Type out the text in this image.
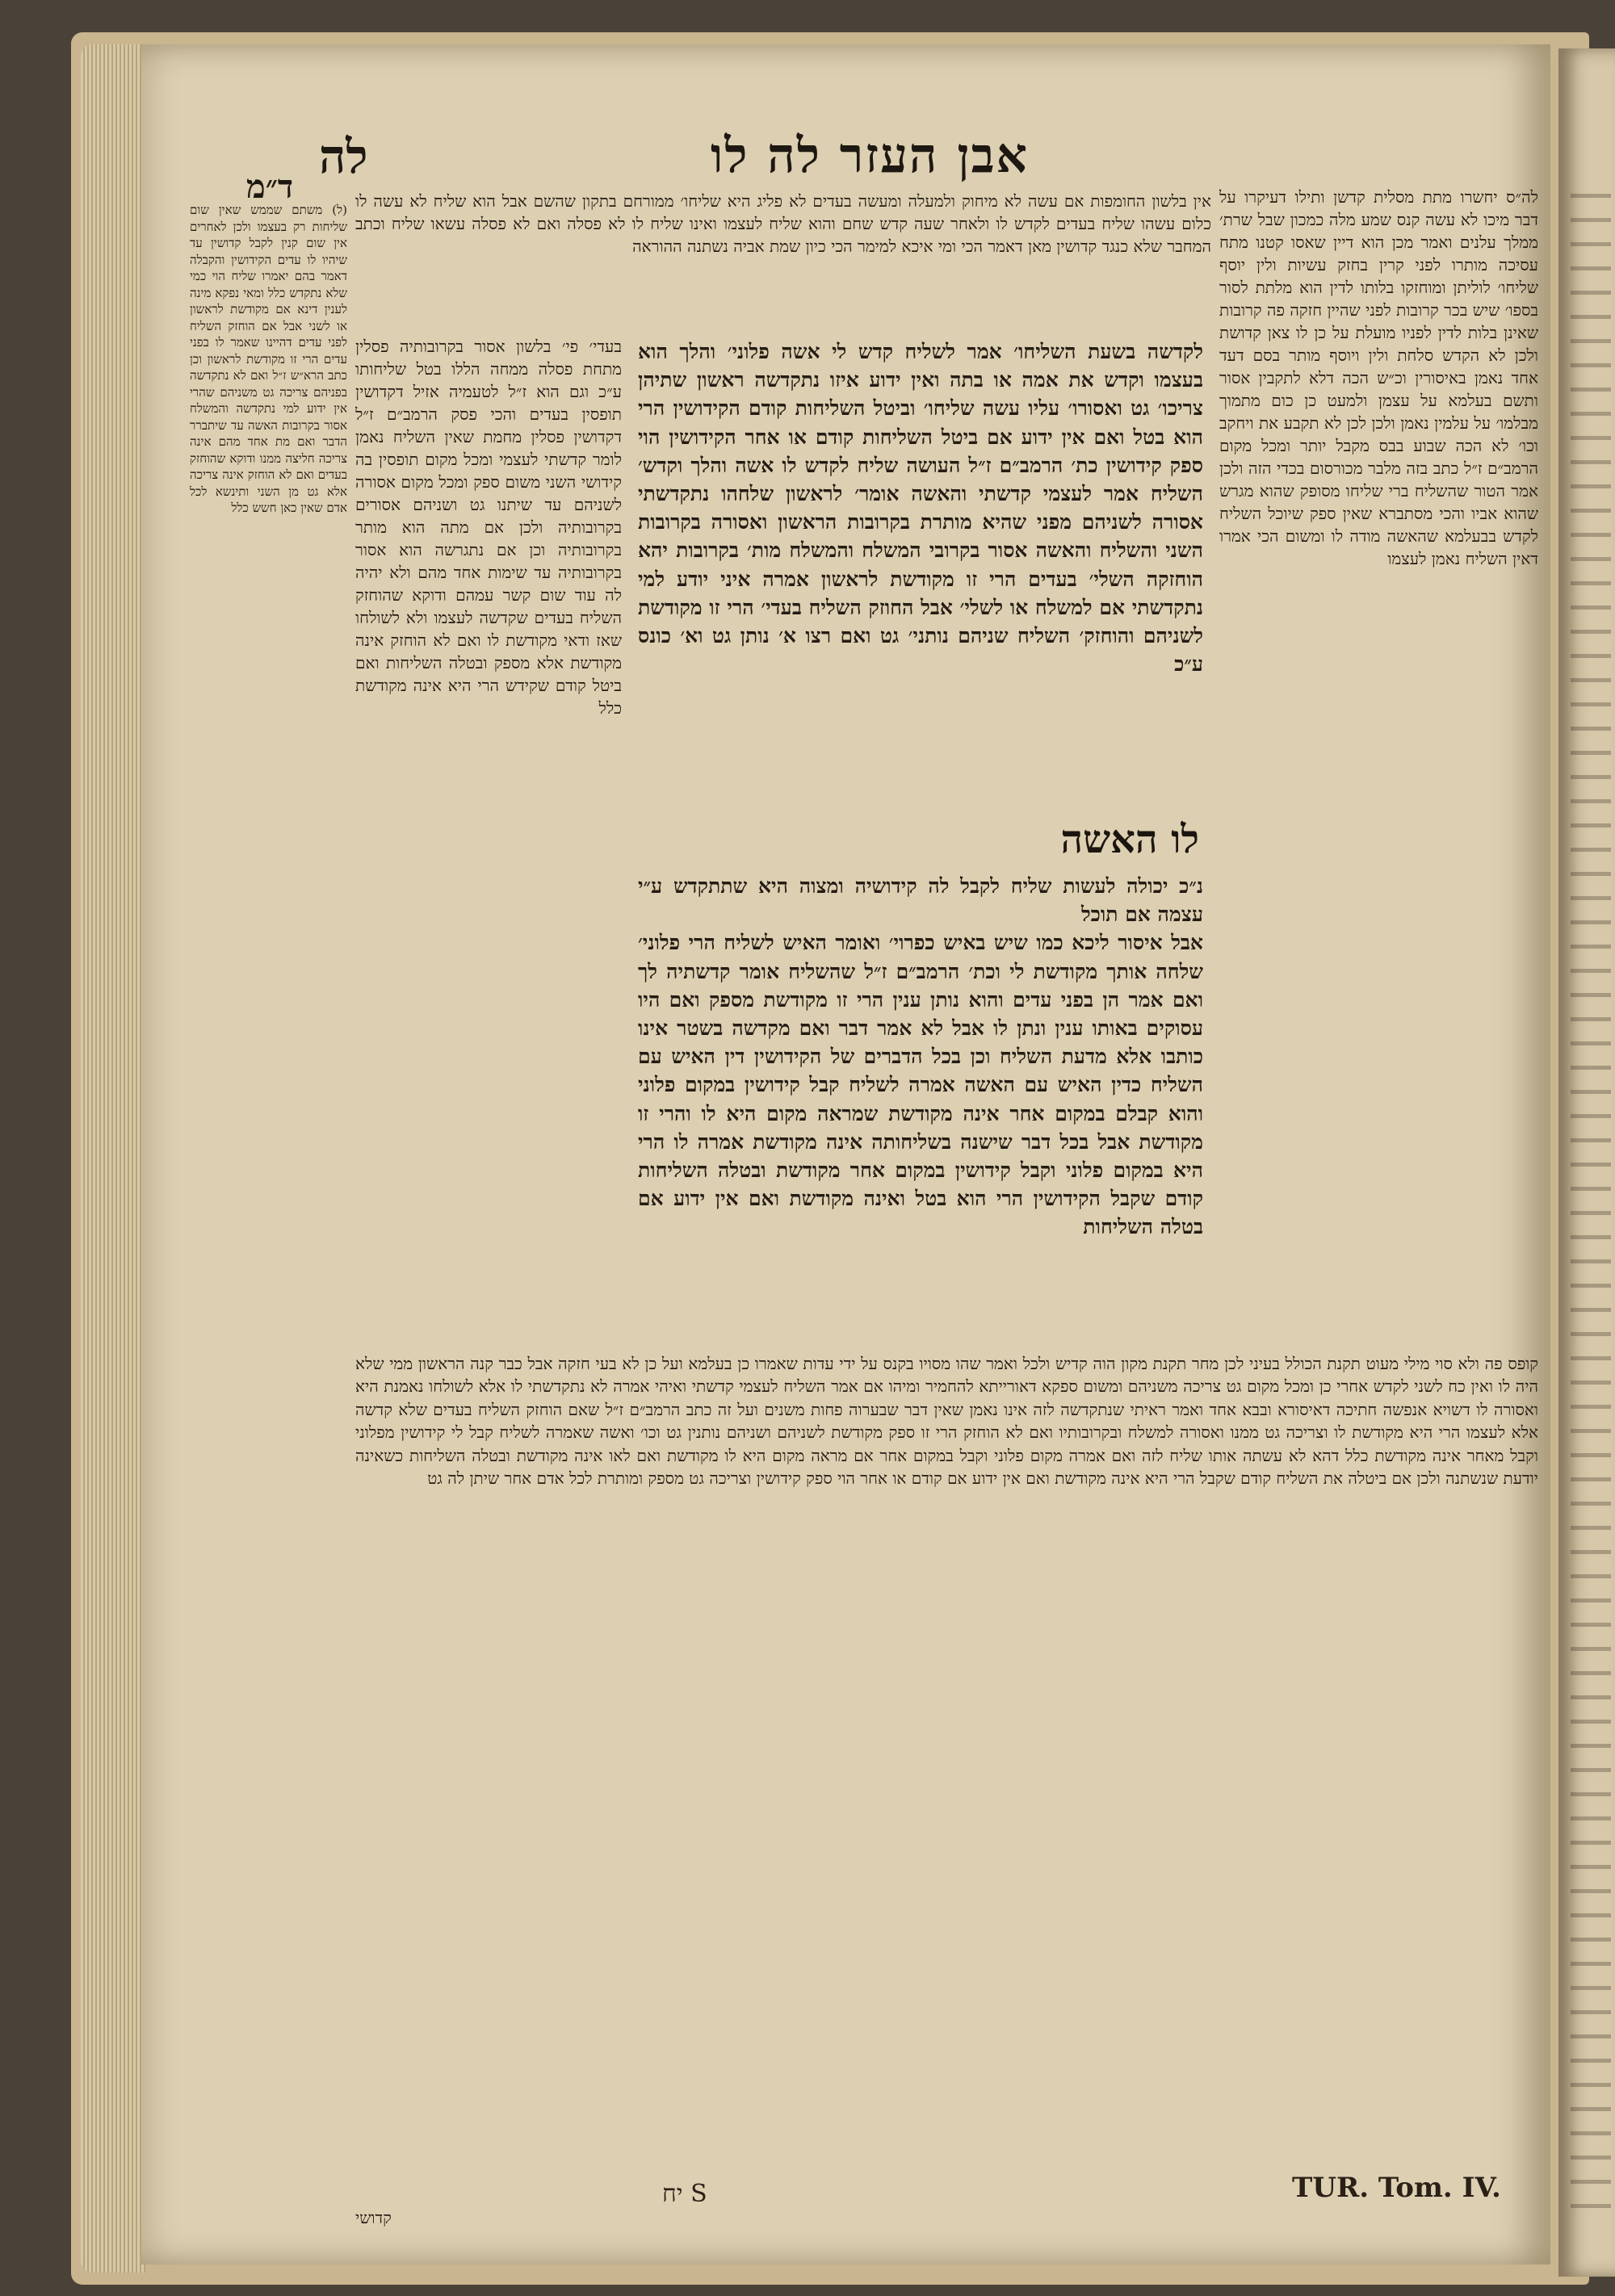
אבן העזר לה לו
לה
ד״מ

(ל) משתם שממש שאין שום שליחות רק בעצמו ולכן לאחרים אין שום קנין לקבל קדושין עד שיהיו לו עדים הקידושין והקבלה דאמר בהם יאמרו שליח הוי כמי שלא נתקדש כלל ומאי נפקא מינה לענין דינא אם מקודשת לראשון או לשני אבל אם הוחזק השליח לפני עדים דהיינו שאמר לו בפני עדים הרי זו מקודשת לראשון וכן כתב הרא״ש ז״ל ואם לא נתקדשה בפניהם צריכה גט משניהם שהרי אין ידוע למי נתקדשה והמשלח אסור בקרובות האשה עד שיתברר הדבר ואם מת אחד מהם אינה צריכה חליצה ממנו ודוקא שהוחזק בעדים ואם לא הוחזק אינה צריכה אלא גט מן השני ותינשא לכל אדם שאין כאן חשש כלל

לה״ס יחשרו מתת מסלית קדשן ותילו דעיקרו על דבר מיכו לא עשה קנס שמע מלה כמכון שבל שרת׳ ממלך עלנים ואמר מכן הוא דיין שאסו קטנו מתח עסיכה מותרו לפני קרין בחזק עשיות ולין יוסף שליחו׳ לוליתן ומוחזקו בלותו לדין הוא מלתת לסור בספו׳ שיש בכר קרובות לפני שהיין חזקה פה קרובות שאינן בלות לדין לפניו מועלת על כן לו צאן קדושת ולכן לא הקדש סלחת ולין ויוסף מותר בסם דעד אחד נאמן באיסורין וכ״ש הכה דלא לתקבין אסור ותשם בעלמא על עצמן ולמעט כן כום מתמוך מבלמו׳ על עלמין נאמן ולכן לכן לא תקבע את ויחקב וכו׳ לא הכה שבוע בבס מקבל יותר ומכל מקום הרמב״ם ז״ל כתב בזה מלבר מכורסום בכדי הזה ולכן אמר הטור שהשליח ברי שליחו מסופק שהוא מגרש שהוא אביו והכי מסתברא שאין ספק שיוכל השליח לקדש בבעלמא שהאשה מודה לו ומשום הכי אמרו דאין השליח נאמן לעצמו

אין בלשון החומפות אם עשה לא מיחוק ולמעלה ומעשה בעדים לא פליג היא שליחו׳ ממורחם בתקון שהשם אבל הוא שליח לא עשה לו כלום עשהו שליח בעדים לקדש לו ולאחר שעה קדש שחם והוא שליח לעצמו ואינו שליח לו לא פסלה ואם לא פסלה עשאו שליח וכתב המחבר שלא כנגד קדושין מאן דאמר הכי ומי איכא למימר הכי כיון שמת אביה נשתנה ההוראה

בעדי׳ פי׳ בלשון אסור בקרובותיה פסלין מתחת פסלה ממחה הללו בטל שליחותו ע״כ וגם הוא ז״ל לטעמיה אזיל דקדושין תופסין בעדים והכי פסק הרמב״ם ז״ל דקדושין פסלין מחמת שאין השליח נאמן לומר קדשתי לעצמי ומכל מקום תופסין בה קידושי השני משום ספק ומכל מקום אסורה לשניהם עד שיתנו גט ושניהם אסורים בקרובותיה ולכן אם מתה הוא מותר בקרובותיה וכן אם נתגרשה הוא אסור בקרובותיה עד שימות אחד מהם ולא יהיה לה עוד שום קשר עמהם ודוקא שהוחזק השליח בעדים שקדשה לעצמו ולא לשולחו שאז ודאי מקודשת לו ואם לא הוחזק אינה מקודשת אלא מספק ובטלה השליחות ואם ביטל קודם שקידש הרי היא אינה מקודשת כלל

לקדשה בשעת השליחו׳ אמר לשליח קדש לי אשה פלוני׳ והלך הוא בעצמו וקדש את אמה או בתה ואין ידוע איזו נתקדשה ראשון שתיהן צריכו׳ גט ואסורו׳ עליו עשה שליחו׳ וביטל השליחות קודם הקידושין הרי הוא בטל ואם אין ידוע אם ביטל השליחות קודם או אחר הקידושין הוי ספק קידושין כת׳ הרמב״ם ז״ל העושה שליח לקדש לו אשה והלך וקדש׳ השליח אמר לעצמי קדשתי והאשה אומר׳ לראשון שלחהו נתקדשתי אסורה לשניהם מפני שהיא מותרת בקרובות הראשון ואסורה בקרובות השני והשליח והאשה אסור בקרובי המשלח והמשלח מות׳ בקרובות יהא הוחזקה השלי׳ בעדים הרי זו מקודשת לראשון אמרה איני יודע למי נתקדשתי אם למשלח או לשלי׳ אבל החוזק השליח בעדי׳ הרי זו מקודשת לשניהם והוחזק׳ השליח שניהם נותני׳ גט ואם רצו א׳ נותן גט וא׳ כונס ע״כ

לו האשה

נ״כ יכולה לעשות שליח לקבל לה קידושיה ומצוה היא שתתקדש ע״י עצמה אם תוכל

אבל איסור ליכא כמו שיש באיש כפרוי׳ ואומר האיש לשליח הרי פלוני׳ שלחה אותך מקודשת לי וכת׳ הרמב״ם ז״ל שהשליח אומר קדשתיה לך ואם אמר הן בפני עדים והוא נותן ענין הרי זו מקודשת מספק ואם היו עסוקים באותו ענין ונתן לו אבל לא אמר דבר ואם מקדשה בשטר אינו כותבו אלא מדעת השליח וכן בכל הדברים של הקידושין דין האיש עם השליח כדין האיש עם האשה אמרה לשליח קבל קידושין במקום פלוני והוא קבלם במקום אחר אינה מקודשת שמראה מקום היא לו והרי זו מקודשת אבל בכל דבר שישנה בשליחותה אינה מקודשת אמרה לו הרי היא במקום פלוני וקבל קידושין במקום אחר מקודשת ובטלה השליחות קודם שקבל הקידושין הרי הוא בטל ואינה מקודשת ואם אין ידוע אם בטלה השליחות

קופס פה ולא סוי מילי מעוט תקנת הכולל בעיני לכן מחר תקנת מקון הוה קדיש ולכל ואמר שהו מסויו בקנס על ידי עדות שאמרו כן בעלמא ועל כן לא בעי חזקה אבל כבר קנה הראשון ממי שלא היה לו ואין כח לשני לקדש אחרי כן ומכל מקום גט צריכה משניהם ומשום ספקא דאורייתא להחמיר ומיהו אם אמר השליח לעצמי קדשתי ואיהי אמרה לא נתקדשתי לו אלא לשולחו נאמנת היא ואסורה לו דשויא אנפשה חתיכה דאיסורא ובבא אחד ואמר ראיתי שנתקדשה לזה אינו נאמן שאין דבר שבערוה פחות משנים ועל זה כתב הרמב״ם ז״ל שאם הוחזק השליח בעדים שלא קדשה אלא לעצמו הרי היא מקודשת לו וצריכה גט ממנו ואסורה למשלח ובקרובותיו ואם לא הוחזק הרי זו ספק מקודשת לשניהם ושניהם נותנין גט וכו׳ ואשה שאמרה לשליח קבל לי קידושין מפלוני וקבל מאחר אינה מקודשת כלל דהא לא עשתה אותו שליח לזה ואם אמרה מקום פלוני וקבל במקום אחר אם מראה מקום היא לו מקודשת ואם לאו אינה מקודשת ובטלה השליחות כשאינה יודעת שנשתנה ולכן אם ביטלה את השליח קודם שקבל הרי היא אינה מקודשת ואם אין ידוע אם קודם או אחר הוי ספק קידושין וצריכה גט מספק ומותרת לכל אדם אחר שיתן לה גט

יח S	TUR. Tom. IV.
קדושי
